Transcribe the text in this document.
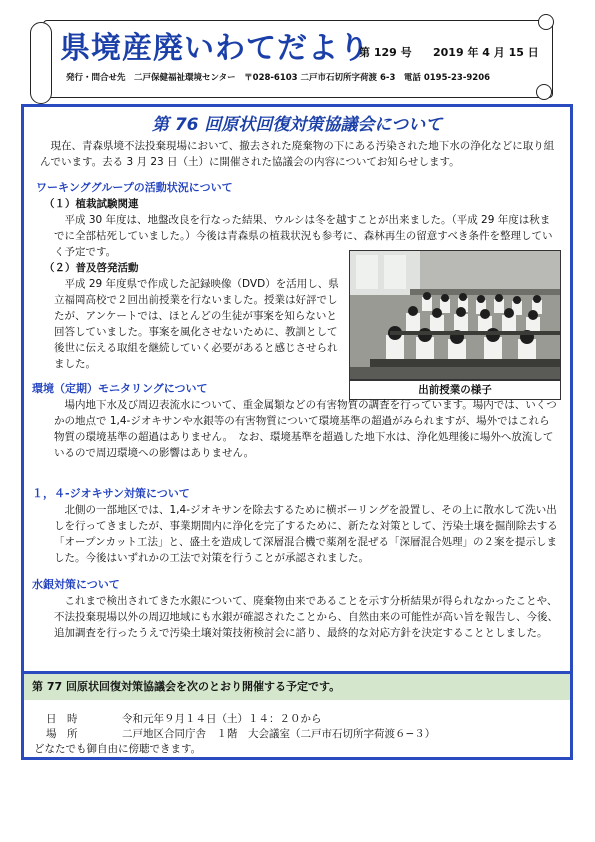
県境産廃いわてだより
第 129 号 2019 年 4 月 15 日
発行・問合せ先　二戸保健福祉環境センター　〒028-6103 二戸市石切所字荷渡 6-3　電話 0195-23-9206
第 76 回原状回復対策協議会について
現在、青森県境不法投棄現場において、撤去された廃棄物の下にある汚染された地下水の浄化などに取り組んでいます。去る 3 月 23 日（土）に開催された協議会の内容についてお知らせします。
ワーキンググループの活動状況について
（１）植栽試験関連
平成 30 年度は、地盤改良を行なった結果、ウルシは冬を越すことが出来ました。（平成 29 年度は秋までに全部枯死していました。）今後は青森県の植栽状況も参考に、森林再生の留意すべき条件を整理していく予定です。
（２）普及啓発活動
平成 29 年度県で作成した記録映像（DVD）を活用し、県立福岡高校で２回出前授業を行ないました。授業は好評でしたが、アンケートでは、ほとんどの生徒が事案を知らないと回答していました。事案を風化させないために、教訓として後世に伝える取組を継続していく必要があると感じさせられました。
出前授業の様子
環境（定期）モニタリングについて
場内地下水及び周辺表流水について、重金属類などの有害物質の調査を行っています。場内では、いくつかの地点で 1,4-ジオキサンや水銀等の有害物質について環境基準の超過がみられますが、場外ではこれら物質の環境基準の超過はありません。　なお、環境基準を超過した地下水は、浄化処理後に場外へ放流しているので周辺環境への影響はありません。
１，４-ジオキサン対策について
北側の一部地区では、1,4-ジオキサンを除去するために横ボーリングを設置し、その上に散水して洗い出しを行ってきましたが、事業期間内に浄化を完了するために、新たな対策として、汚染土壌を掘削除去する「オープンカット工法」と、盛土を造成して深層混合機で薬剤を混ぜる「深層混合処理」の２案を提示しました。今後はいずれかの工法で対策を行うことが承認されました。
水銀対策について
これまで検出されてきた水銀について、廃棄物由来であることを示す分析結果が得られなかったことや、不法投棄現場以外の周辺地域にも水銀が確認されたことから、自然由来の可能性が高い旨を報告し、今後、追加調査を行ったうえで汚染土壌対策技術検討会に諮り、最終的な対応方針を決定することとしました。
第 77 回原状回復対策協議会を次のとおり開催する予定です。
日　時	令和元年９月１４日（土）１４：２０から
場　所	二戸地区合同庁舎　１階　大会議室（二戸市石切所字荷渡６−３）
どなたでも御自由に傍聴できます。
